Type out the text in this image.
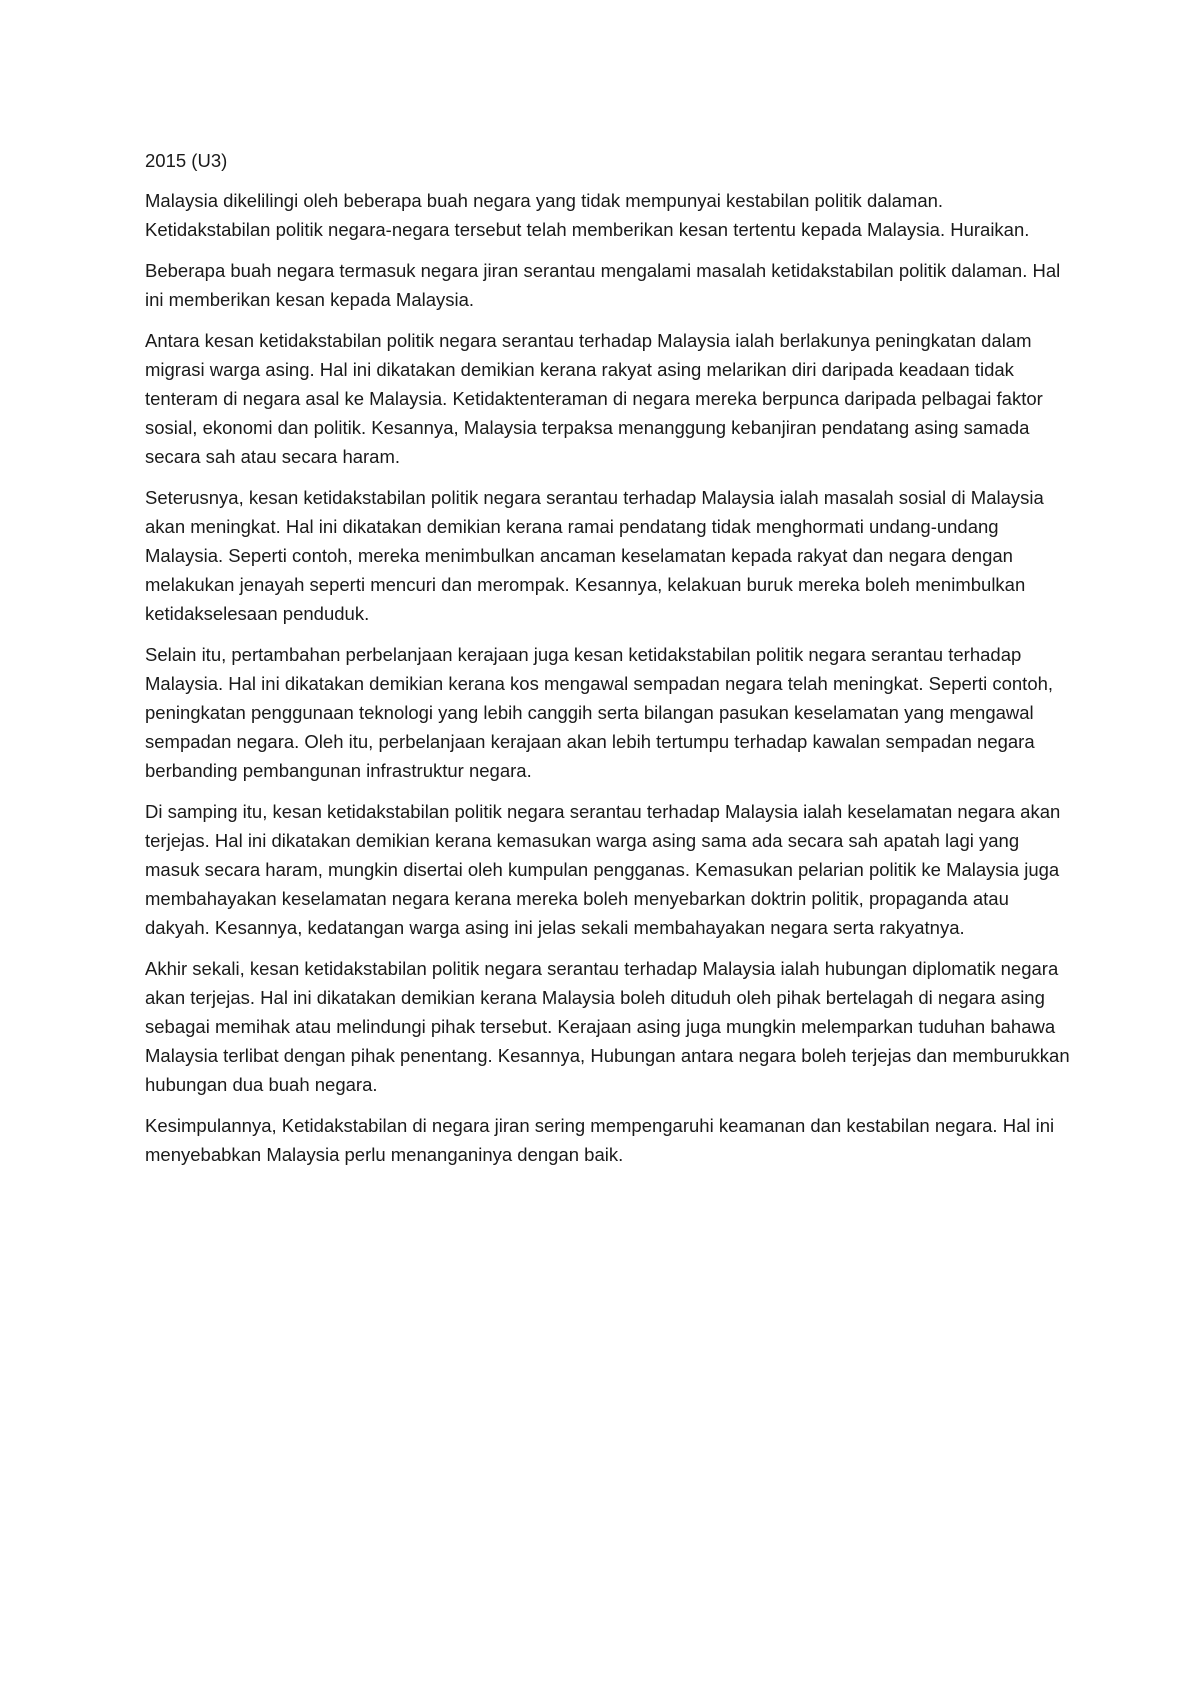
2015 (U3)

Malaysia dikelilingi oleh beberapa buah negara yang tidak mempunyai kestabilan politik dalaman. Ketidakstabilan politik negara-negara tersebut telah memberikan kesan tertentu kepada Malaysia. Huraikan.

Beberapa buah negara termasuk negara jiran serantau mengalami masalah ketidakstabilan politik dalaman. Hal ini memberikan kesan kepada Malaysia.

Antara kesan ketidakstabilan politik negara serantau terhadap Malaysia ialah berlakunya peningkatan dalam migrasi warga asing. Hal ini dikatakan demikian kerana rakyat asing melarikan diri daripada keadaan tidak tenteram di negara asal ke Malaysia. Ketidaktenteraman di negara mereka berpunca daripada pelbagai faktor sosial, ekonomi dan politik. Kesannya, Malaysia terpaksa menanggung kebanjiran pendatang asing samada secara sah atau secara haram.

Seterusnya, kesan ketidakstabilan politik negara serantau terhadap Malaysia ialah masalah sosial di Malaysia akan meningkat. Hal ini dikatakan demikian kerana ramai pendatang tidak menghormati undang-undang Malaysia. Seperti contoh, mereka menimbulkan ancaman keselamatan kepada rakyat dan negara dengan melakukan jenayah seperti mencuri dan merompak. Kesannya, kelakuan buruk mereka boleh menimbulkan ketidakselesaan penduduk.

Selain itu, pertambahan perbelanjaan kerajaan juga kesan ketidakstabilan politik negara serantau terhadap Malaysia. Hal ini dikatakan demikian kerana kos mengawal sempadan negara telah meningkat. Seperti contoh, peningkatan penggunaan teknologi yang lebih canggih serta bilangan pasukan keselamatan yang mengawal sempadan negara. Oleh itu, perbelanjaan kerajaan akan lebih tertumpu terhadap kawalan sempadan negara berbanding pembangunan infrastruktur negara.

Di samping itu, kesan ketidakstabilan politik negara serantau terhadap Malaysia ialah keselamatan negara akan terjejas. Hal ini dikatakan demikian kerana kemasukan warga asing sama ada secara sah apatah lagi yang masuk secara haram, mungkin disertai oleh kumpulan pengganas. Kemasukan pelarian politik ke Malaysia juga membahayakan keselamatan negara kerana mereka boleh menyebarkan doktrin politik, propaganda atau dakyah. Kesannya, kedatangan warga asing ini jelas sekali membahayakan negara serta rakyatnya.

Akhir sekali, kesan ketidakstabilan politik negara serantau terhadap Malaysia ialah hubungan diplomatik negara akan terjejas. Hal ini dikatakan demikian kerana Malaysia boleh dituduh oleh pihak bertelagah di negara asing sebagai memihak atau melindungi pihak tersebut. Kerajaan asing juga mungkin melemparkan tuduhan bahawa Malaysia terlibat dengan pihak penentang. Kesannya, Hubungan antara negara boleh terjejas dan memburukkan hubungan dua buah negara.

Kesimpulannya, Ketidakstabilan di negara jiran sering mempengaruhi keamanan dan kestabilan negara. Hal ini menyebabkan Malaysia perlu menanganinya dengan baik.
